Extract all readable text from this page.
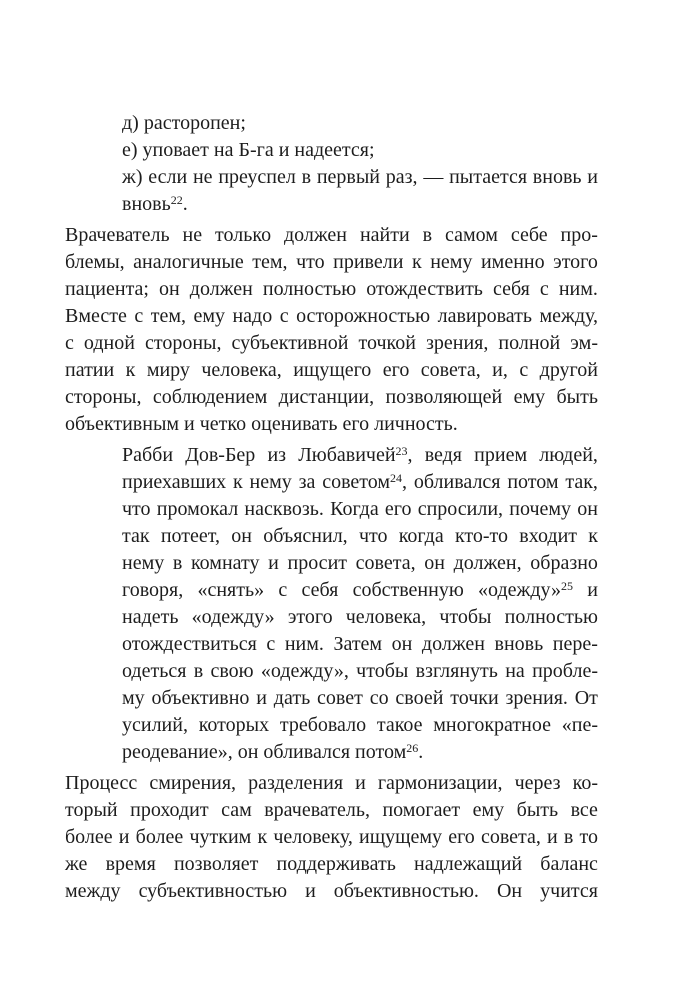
д) расторопен;
е) уповает на Б-га и надеется;
ж) если не преуспел в первый раз, — пытается вновь и
вновь$^{22}$.
Врачеватель не только должен найти в самом себе про-
блемы, аналогичные тем, что привели к нему именно этого
пациента; он должен полностью отождествить себя с ним.
Вместе с тем, ему надо с осторожностью лавировать между,
с одной стороны, субъективной точкой зрения, полной эм-
патии к миру человека, ищущего его совета, и, с другой
стороны, соблюдением дистанции, позволяющей ему быть
объективным и четко оценивать его личность.
Рабби Дов-Бер из Любавичей$^{23}$, ведя прием людей,
приехавших к нему за советом$^{24}$, обливался потом так,
что промокал насквозь. Когда его спросили, почему он
так потеет, он объяснил, что когда кто-то входит к
нему в комнату и просит совета, он должен, образно
говоря, «снять» с себя собственную «одежду»$^{25}$ и
надеть «одежду» этого человека, чтобы полностью
отождествиться с ним. Затем он должен вновь пере-
одеться в свою «одежду», чтобы взглянуть на пробле-
му объективно и дать совет со своей точки зрения. От
усилий, которых требовало такое многократное «пе-
реодевание», он обливался потом$^{26}$.
Процесс смирения, разделения и гармонизации, через ко-
торый проходит сам врачеватель, помогает ему быть все
более и более чутким к человеку, ищущему его совета, и в то
же время позволяет поддерживать надлежащий баланс
между субъективностью и объективностью. Он учится
